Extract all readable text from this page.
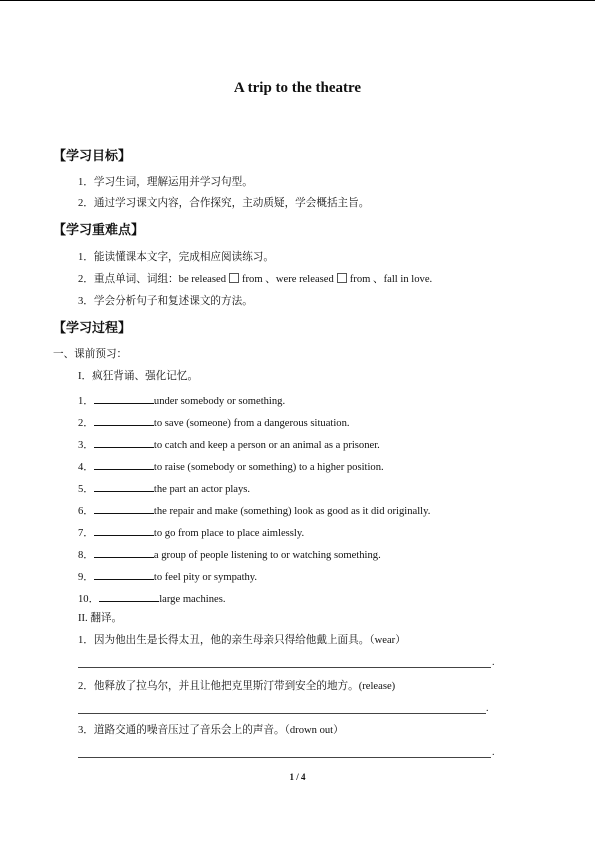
A trip to the theatre
【学习目标】
1．学习生词，理解运用并学习句型。
2．通过学习课文内容，合作探究，主动质疑，学会概括主旨。
【学习重难点】
1．能读懂课本文字，完成相应阅读练习。
2．重点单词、词组：be released from 、were released from 、fall in love.
3．学会分析句子和复述课文的方法。
【学习过程】
一、课前预习：
I．疯狂背诵、强化记忆。
1．	under somebody or something.
2．	to save (someone) from a dangerous situation.
3．	to catch and keep a person or an animal as a prisoner.
4．	to raise (somebody or something) to a higher position.
5．	the part an actor plays.
6．	the repair and make (something) look as good as it did originally.
7．	to go from place to place aimlessly.
8．	a group of people listening to or watching something.
9．	to feel pity or sympathy.
10．	large machines.
II. 翻译。
1．因为他出生是长得太丑，他的亲生母亲只得给他戴上面具。（wear）
.
2．他释放了拉乌尔，并且让他把克里斯汀带到安全的地方。(release)
.
3．道路交通的噪音压过了音乐会上的声音。（drown out）
.
1 / 4
